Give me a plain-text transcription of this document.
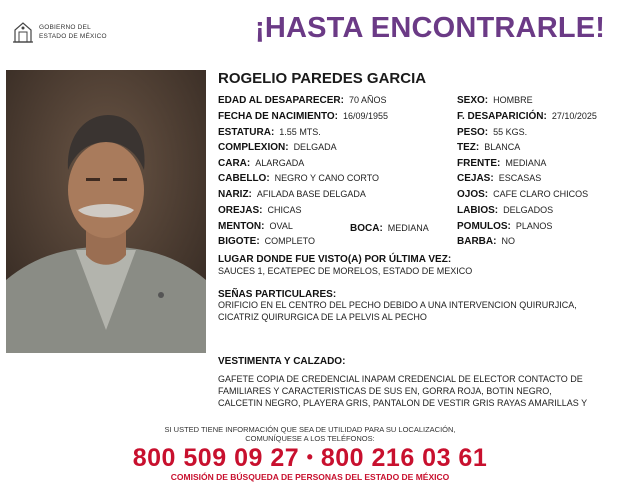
GOBIERNO DEL
ESTADO DE MÉXICO	¡HASTA ENCONTRARLE!
ROGELIO PAREDES GARCIA
EDAD AL DESAPARECER: 70 AÑOS
FECHA DE NACIMIENTO: 16/09/1955
ESTATURA: 1.55 MTS.
COMPLEXION: DELGADA
CARA: ALARGADA
CABELLO: NEGRO Y CANO CORTO
NARIZ: AFILADA BASE DELGADA
OREJAS: CHICAS
MENTON: OVAL
BIGOTE: COMPLETO
BOCA: MEDIANA
SEXO: HOMBRE
F. DESAPARICIÓN: 27/10/2025
PESO: 55 KGS.
TEZ: BLANCA
FRENTE: MEDIANA
CEJAS: ESCASAS
OJOS: CAFE CLARO CHICOS
LABIOS: DELGADOS
POMULOS: PLANOS
BARBA: NO
LUGAR DONDE FUE VISTO(A) POR ÚLTIMA VEZ:
SAUCES 1, ECATEPEC DE MORELOS, ESTADO DE MEXICO
SEÑAS PARTICULARES:
ORIFICIO EN EL CENTRO DEL PECHO DEBIDO A UNA INTERVENCION QUIRURJICA,
CICATRIZ QUIRURGICA DE LA PELVIS AL PECHO
VESTIMENTA Y CALZADO:
GAFETE COPIA DE CREDENCIAL INAPAM CREDENCIAL DE ELECTOR CONTACTO DE
FAMILIARES Y CARACTERISTICAS DE SUS EN, GORRA ROJA, BOTIN NEGRO,
CALCETIN NEGRO, PLAYERA GRIS, PANTALON DE VESTIR GRIS RAYAS AMARILLAS Y
SI USTED TIENE INFORMACIÓN QUE SEA DE UTILIDAD PARA SU LOCALIZACIÓN,
COMUNÍQUESE A LOS TELÉFONOS:
800 509 09 27 • 800 216 03 61
COMISIÓN DE BÚSQUEDA DE PERSONAS DEL ESTADO DE MÉXICO
